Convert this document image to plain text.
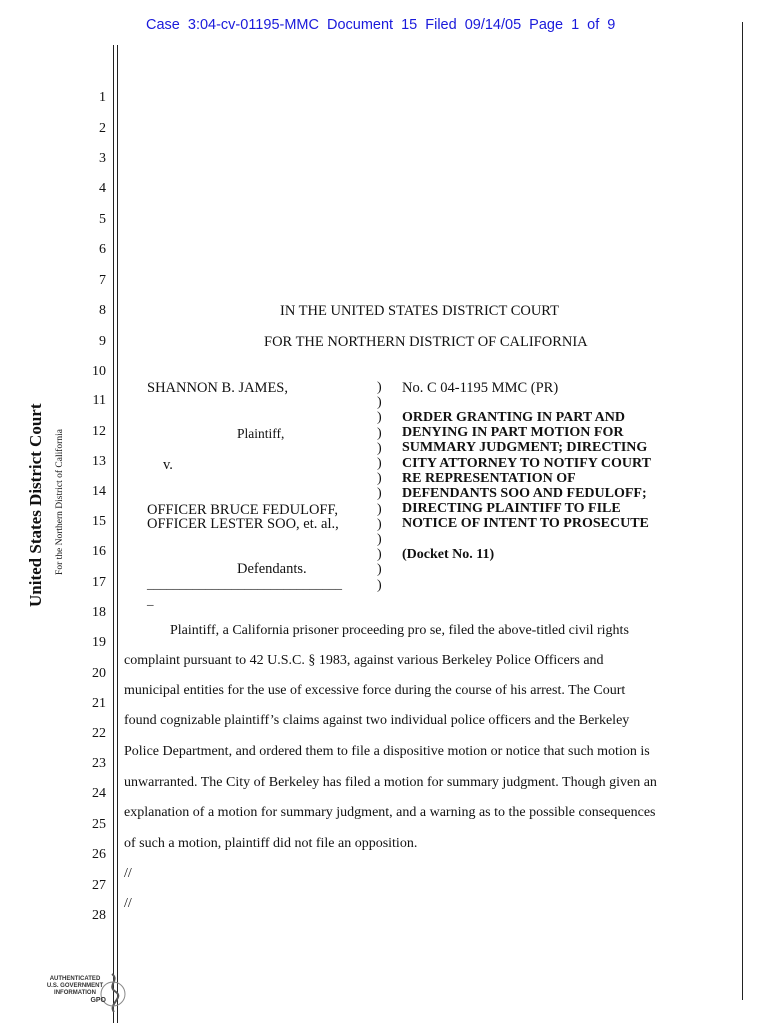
Case 3:04-cv-01195-MMC Document 15 Filed 09/14/05 Page 1 of 9
United States District Court For the Northern District of California
1
2
3
4
5
6
7
8
9
10
11
12
13
14
15
16
17
18
19
20
21
22
23
24
25
26
27
28
IN THE UNITED STATES DISTRICT COURT
FOR THE NORTHERN DISTRICT OF CALIFORNIA
SHANNON B. JAMES,
Plaintiff,
v.
OFFICER BRUCE FEDULOFF,
OFFICER LESTER SOO, et. al.,
Defendants.
______________________________
_
)
)
)
)
)
)
)
)
)
)
)
)
)
)
No. C 04-1195 MMC (PR)
ORDER GRANTING IN PART AND
DENYING IN PART MOTION FOR
SUMMARY JUDGMENT; DIRECTING
CITY ATTORNEY TO NOTIFY COURT
RE REPRESENTATION OF
DEFENDANTS SOO AND FEDULOFF;
DIRECTING PLAINTIFF TO FILE
NOTICE OF INTENT TO PROSECUTE
(Docket No. 11)
Plaintiff, a California prisoner proceeding pro se, filed the above-titled civil rights
complaint pursuant to 42 U.S.C. § 1983, against various Berkeley Police Officers and
municipal entities for the use of excessive force during the course of his arrest. The Court
found cognizable plaintiff’s claims against two individual police officers and the Berkeley
Police Department, and ordered them to file a dispositive motion or notice that such motion is
unwarranted. The City of Berkeley has filed a motion for summary judgment. Though given an
explanation of a motion for summary judgment, and a warning as to the possible consequences
of such a motion, plaintiff did not file an opposition.
//
//
AUTHENTICATED
U.S. GOVERNMENT
INFORMATION
GPO
